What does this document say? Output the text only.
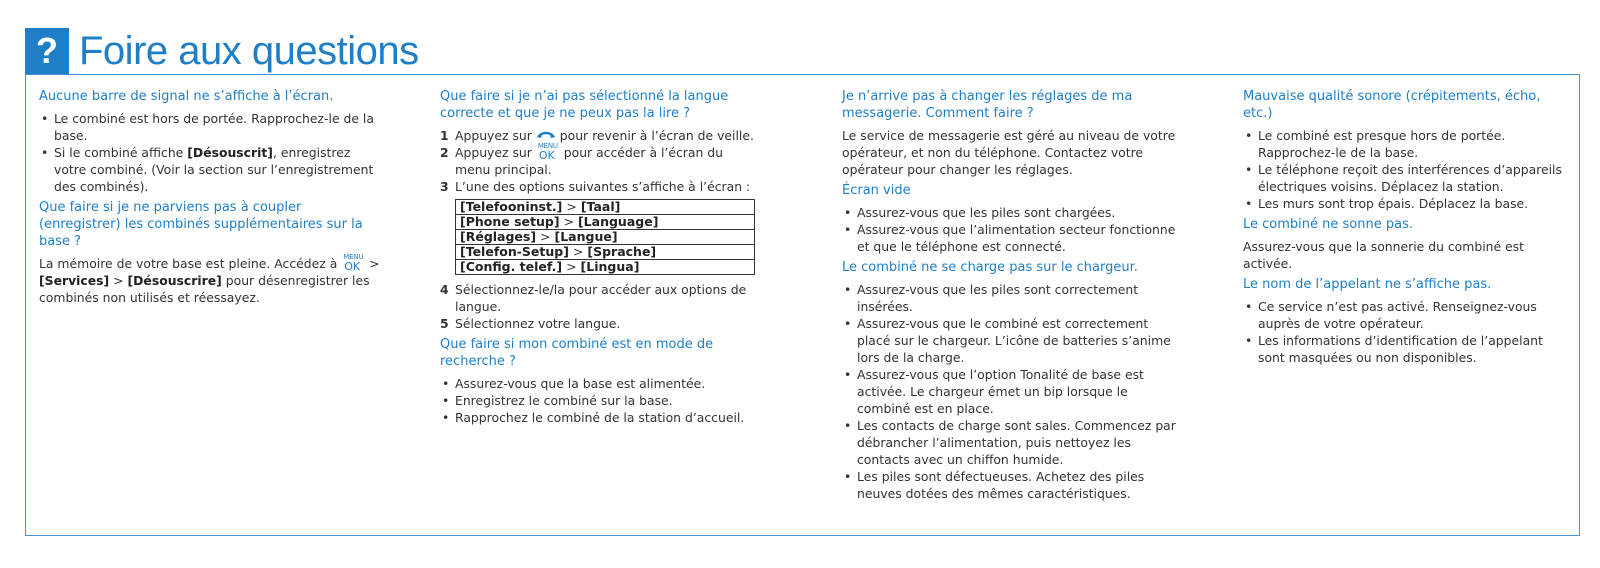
? Foire aux questions
Aucune barre de signal ne s’affiche à l’écran.
• Le combiné est hors de portée. Rapprochez-le de la base.
• Si le combiné affiche [Désouscrit], enregistrez votre combiné. (Voir la section sur l’enregistrement des combinés).
Que faire si je ne parviens pas à coupler (enregistrer) les combinés supplémentaires sur la base ?

La mémoire de votre base est pleine. Accédez à MENU
OK > [Services] > [Désouscrire] pour désenregistrer les combinés non utilisés et réessayez.

Que faire si je n’ai pas sélectionné la langue correcte et que je ne peux pas la lire ?
1 Appuyez sur  pour revenir à l’écran de veille.
2 Appuyez sur MENU
OK pour accéder à l’écran du menu principal.
3 L’une des options suivantes s’affiche à l’écran :
[Telefooninst.] > [Taal]
[Phone setup] > [Language]
[Réglages] > [Langue]
[Telefon-Setup] > [Sprache]
[Config. telef.] > [Lingua]
4 Sélectionnez-le/la pour accéder aux options de langue.
5 Sélectionnez votre langue.
Que faire si mon combiné est en mode de recherche ?
• Assurez-vous que la base est alimentée.
• Enregistrez le combiné sur la base.
• Rapprochez le combiné de la station d’accueil.
Je n’arrive pas à changer les réglages de ma messagerie. Comment faire ?

Le service de messagerie est géré au niveau de votre opérateur, et non du téléphone. Contactez votre opérateur pour changer les réglages.

Écran vide
• Assurez-vous que les piles sont chargées.
• Assurez-vous que l’alimentation secteur fonctionne et que le téléphone est connecté.
Le combiné ne se charge pas sur le chargeur.
• Assurez-vous que les piles sont correctement insérées.
• Assurez-vous que le combiné est correctement placé sur le chargeur. L’icône de batteries s’anime lors de la charge.
• Assurez-vous que l’option Tonalité de base est activée. Le chargeur émet un bip lorsque le combiné est en place.
• Les contacts de charge sont sales. Commencez par débrancher l’alimentation, puis nettoyez les contacts avec un chiffon humide.
• Les piles sont défectueuses. Achetez des piles neuves dotées des mêmes caractéristiques.
Mauvaise qualité sonore (crépitements, écho, etc.)
• Le combiné est presque hors de portée. Rapprochez-le de la base.
• Le téléphone reçoit des interférences d’appareils électriques voisins. Déplacez la station.
• Les murs sont trop épais. Déplacez la base.
Le combiné ne sonne pas.

Assurez-vous que la sonnerie du combiné est activée.

Le nom de l’appelant ne s’affiche pas.
• Ce service n’est pas activé. Renseignez-vous auprès de votre opérateur.
• Les informations d’identification de l’appelant sont masquées ou non disponibles.
